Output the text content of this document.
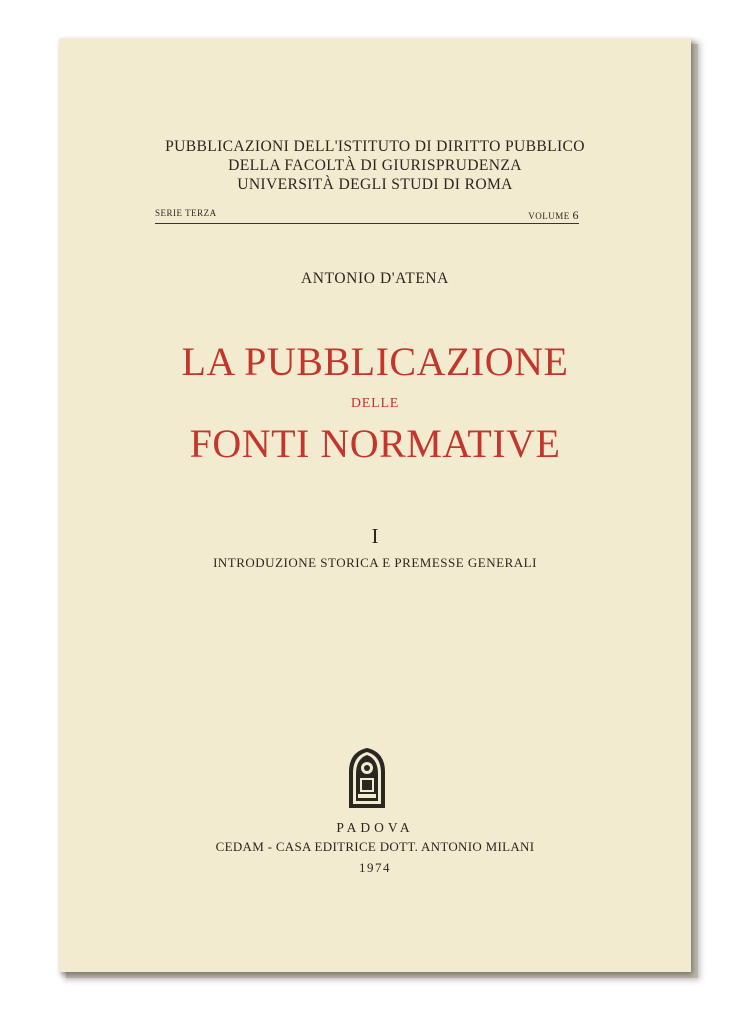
PUBBLICAZIONI DELL'ISTITUTO DI DIRITTO PUBBLICO
DELLA FACOLTÀ DI GIURISPRUDENZA
UNIVERSITÀ DEGLI STUDI DI ROMA
SERIE TERZA	VOLUME 6
ANTONIO D'ATENA
LA PUBBLICAZIONE
DELLE
FONTI NORMATIVE
I
INTRODUZIONE STORICA E PREMESSE GENERALI
PADOVA
CEDAM - CASA EDITRICE DOTT. ANTONIO MILANI
1974
